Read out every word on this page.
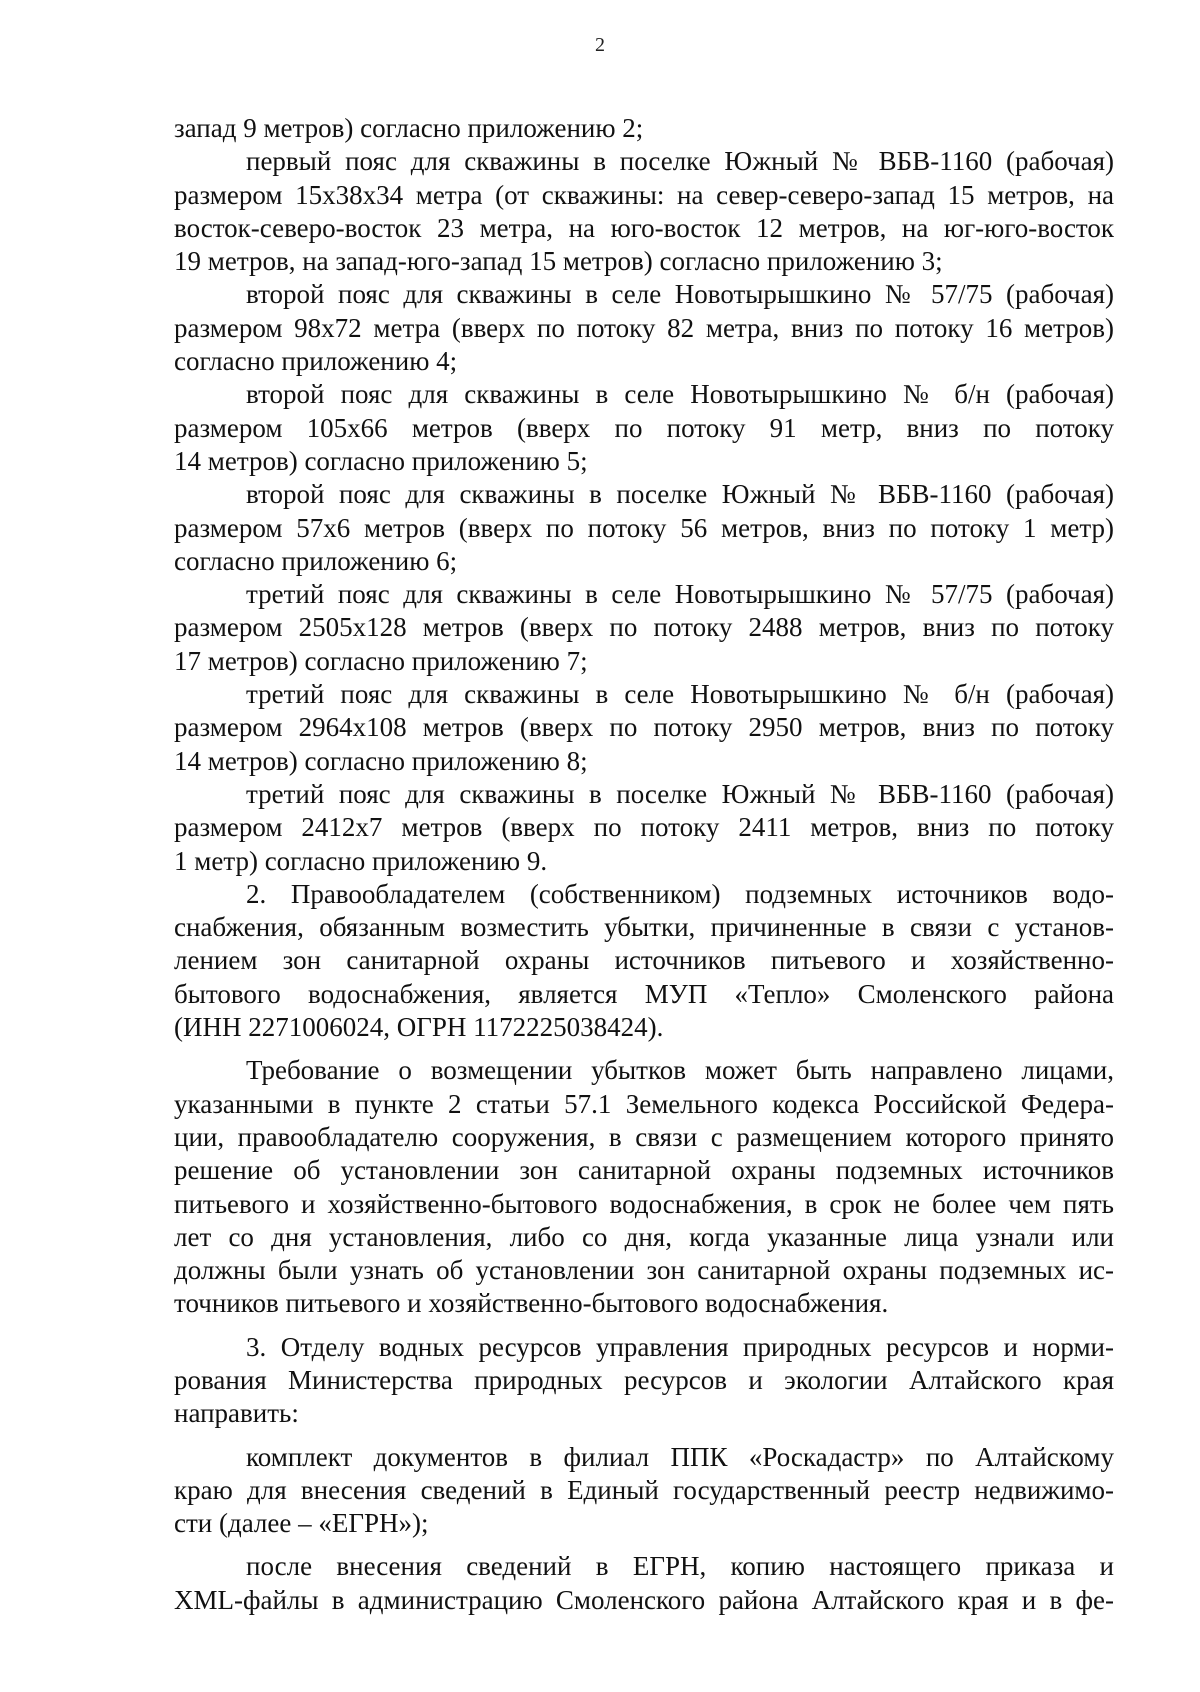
2
запад 9 метров) согласно приложению 2;
первый пояс для скважины в поселке Южный № ВБВ-1160 (рабочая)
размером 15х38х34 метра (от скважины: на север-северо-запад 15 метров, на
восток-северо-восток 23 метра, на юго-восток 12 метров, на юг-юго-восток
19 метров, на запад-юго-запад 15 метров) согласно приложению 3;
второй пояс для скважины в селе Новотырышкино № 57/75 (рабочая)
размером 98х72 метра (вверх по потоку 82 метра, вниз по потоку 16 метров)
согласно приложению 4;
второй пояс для скважины в селе Новотырышкино № б/н (рабочая)
размером 105х66 метров (вверх по потоку 91 метр, вниз по потоку
14 метров) согласно приложению 5;
второй пояс для скважины в поселке Южный № ВБВ-1160 (рабочая)
размером 57х6 метров (вверх по потоку 56 метров, вниз по потоку 1 метр)
согласно приложению 6;
третий пояс для скважины в селе Новотырышкино № 57/75 (рабочая)
размером 2505х128 метров (вверх по потоку 2488 метров, вниз по потоку
17 метров) согласно приложению 7;
третий пояс для скважины в селе Новотырышкино № б/н (рабочая)
размером 2964х108 метров (вверх по потоку 2950 метров, вниз по потоку
14 метров) согласно приложению 8;
третий пояс для скважины в поселке Южный № ВБВ-1160 (рабочая)
размером 2412х7 метров (вверх по потоку 2411 метров, вниз по потоку
1 метр) согласно приложению 9.
2. Правообладателем (собственником) подземных источников водо-
снабжения, обязанным возместить убытки, причиненные в связи с установ-
лением зон санитарной охраны источников питьевого и хозяйственно-
бытового водоснабжения, является МУП «Тепло» Смоленского района
(ИНН 2271006024, ОГРН 1172225038424).
Требование о возмещении убытков может быть направлено лицами,
указанными в пункте 2 статьи 57.1 Земельного кодекса Российской Федера-
ции, правообладателю сооружения, в связи с размещением которого принято
решение об установлении зон санитарной охраны подземных источников
питьевого и хозяйственно-бытового водоснабжения, в срок не более чем пять
лет со дня установления, либо со дня, когда указанные лица узнали или
должны были узнать об установлении зон санитарной охраны подземных ис-
точников питьевого и хозяйственно-бытового водоснабжения.
3. Отделу водных ресурсов управления природных ресурсов и норми-
рования Министерства природных ресурсов и экологии Алтайского края
направить:
комплект документов в филиал ППК «Роскадастр» по Алтайскому
краю для внесения сведений в Единый государственный реестр недвижимо-
сти (далее – «ЕГРН»);
после внесения сведений в ЕГРН, копию настоящего приказа и
XML-файлы в администрацию Смоленского района Алтайского края и в фе-
